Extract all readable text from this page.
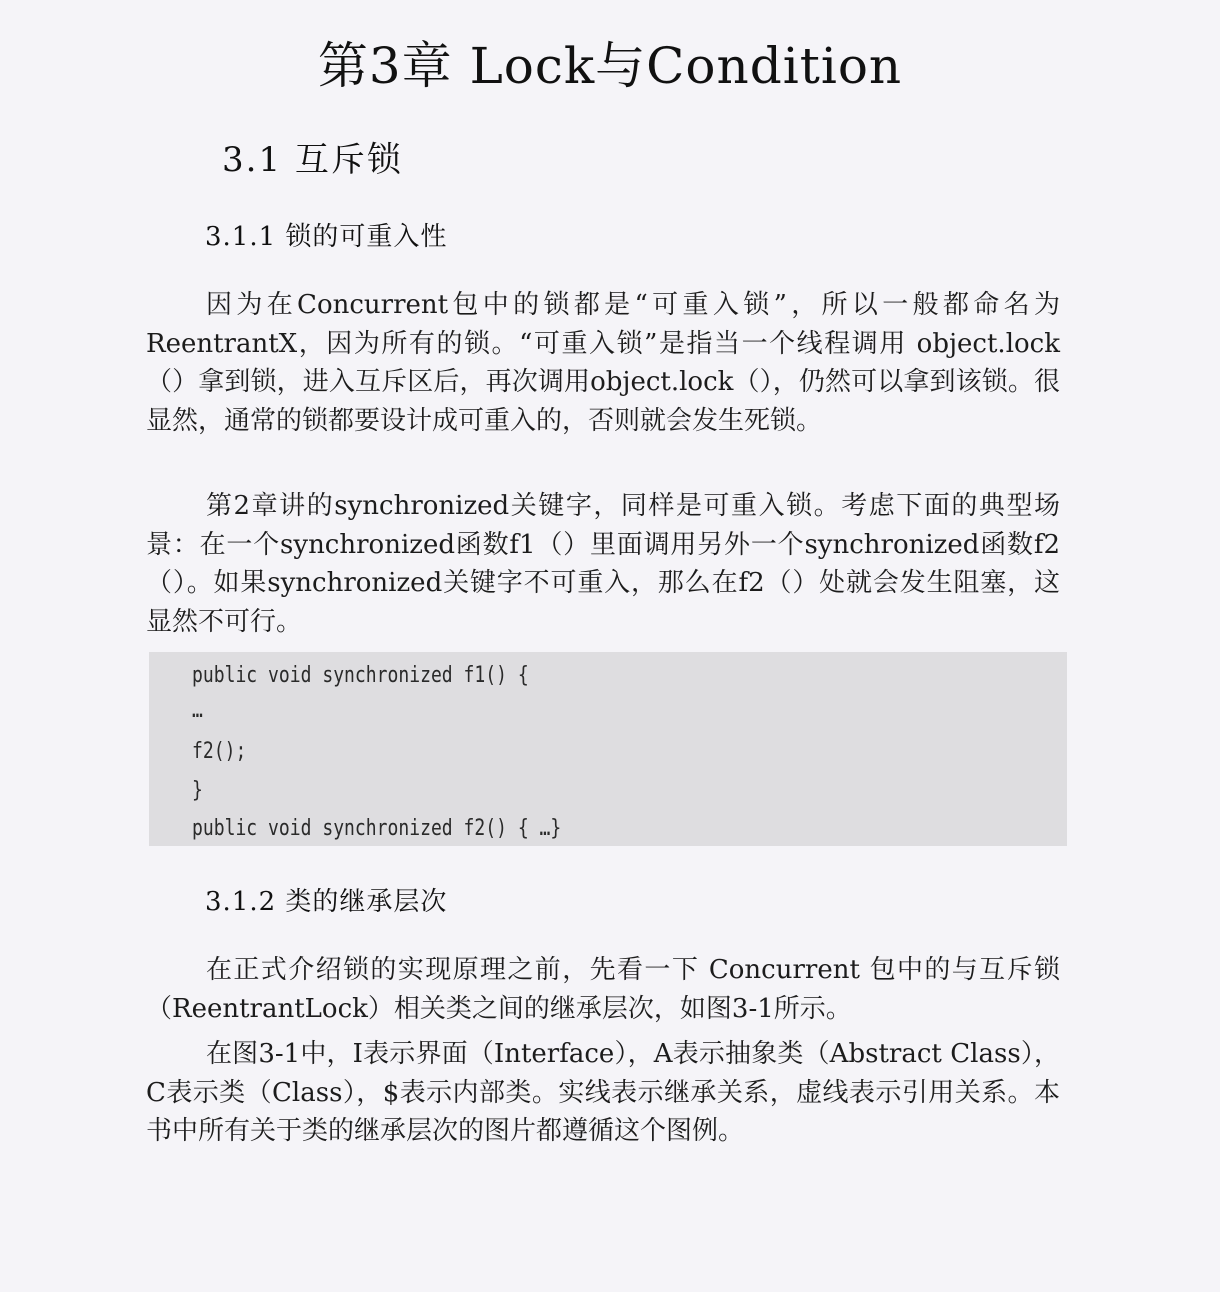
第3章 Lock与Condition
3.1 互斥锁
3.1.1 锁的可重入性

因为在Concurrent包中的锁都是“可重入锁”，所以一般都命名为ReentrantX，因为所有的锁。“可重入锁”是指当一个线程调用 object.lock（）拿到锁，进入互斥区后，再次调用object.lock（），仍然可以拿到该锁。很显然，通常的锁都要设计成可重入的，否则就会发生死锁。

第2章讲的synchronized关键字，同样是可重入锁。考虑下面的典型场景：在一个synchronized函数f1（）里面调用另外一个synchronized函数f2（）。如果synchronized关键字不可重入，那么在f2（）处就会发生阻塞，这显然不可行。

public void synchronized f1() {
…
f2();
}
public void synchronized f2() { …}
3.1.2 类的继承层次

在正式介绍锁的实现原理之前，先看一下 Concurrent 包中的与互斥锁（ReentrantLock）相关类之间的继承层次，如图3-1所示。

在图3-1中，I表示界面（Interface），A表示抽象类（Abstract Class），C表示类（Class），$表示内部类。实线表示继承关系，虚线表示引用关系。本书中所有关于类的继承层次的图片都遵循这个图例。
